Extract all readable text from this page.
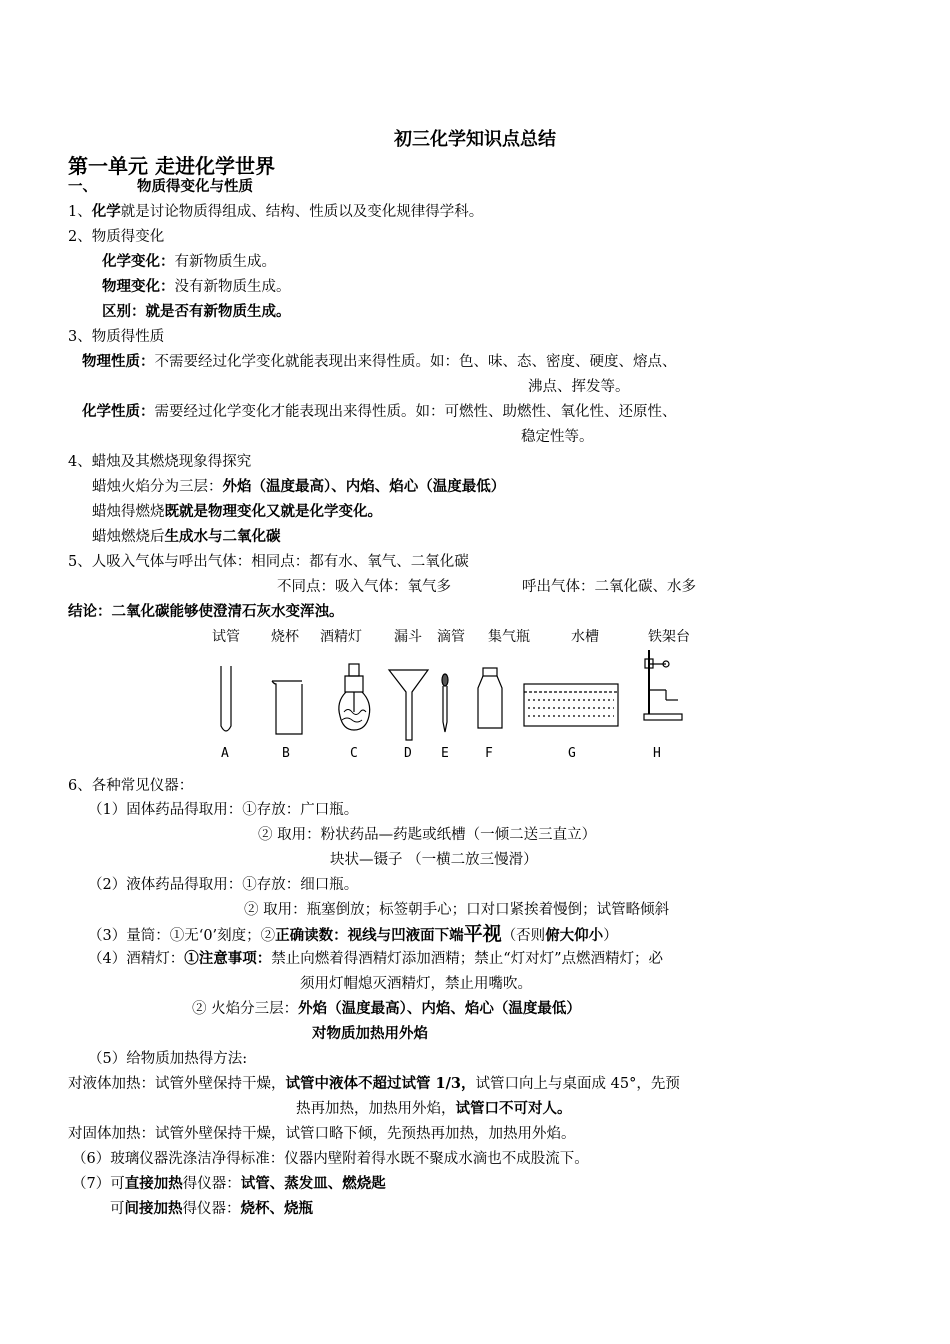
初三化学知识点总结
第一单元 走进化学世界
一、	物质得变化与性质
1、化学就是讨论物质得组成、结构、性质以及变化规律得学科。
2、物质得变化
化学变化：有新物质生成。
物理变化：没有新物质生成。
区别：就是否有新物质生成。
3、物质得性质
物理性质：不需要经过化学变化就能表现出来得性质。如：色、味、态、密度、硬度、熔点、
沸点、挥发等。
化学性质：需要经过化学变化才能表现出来得性质。如：可燃性、助燃性、氧化性、还原性、
稳定性等。
4、蜡烛及其燃烧现象得探究
蜡烛火焰分为三层：外焰（温度最高）、内焰、焰心（温度最低）
蜡烛得燃烧既就是物理变化又就是化学变化。
蜡烛燃烧后生成水与二氧化碳
5、人吸入气体与呼出气体：相同点：都有水、氧气、二氧化碳
不同点：吸入气体：氧气多	呼出气体：二氧化碳、水多
结论：二氧化碳能够使澄清石灰水变浑浊。
试管 烧杯 酒精灯 漏斗 滴管 集气瓶	水槽	铁架台
A	B	C	D E	F	G	H
6、各种常见仪器：
（1）固体药品得取用：①存放：广口瓶。
② 取用：粉状药品—药匙或纸槽（一倾二送三直立）
块状—镊子 （一横二放三慢滑）
（2）液体药品得取用：①存放：细口瓶。
② 取用：瓶塞倒放；标签朝手心；口对口紧挨着慢倒；试管略倾斜
（3）量筒：①无‘0’刻度；②正确读数：视线与凹液面下端平视（否则俯大仰小）
（4）酒精灯：①注意事项：禁止向燃着得酒精灯添加酒精；禁止“灯对灯”点燃酒精灯；必
须用灯帽熄灭酒精灯，禁止用嘴吹。
② 火焰分三层：外焰（温度最高）、内焰、焰心（温度最低）
对物质加热用外焰
（5）给物质加热得方法:
对液体加热：试管外壁保持干燥，试管中液体不超过试管 1/3，试管口向上与桌面成 45°，先预
热再加热，加热用外焰，试管口不可对人。
对固体加热：试管外壁保持干燥，试管口略下倾，先预热再加热，加热用外焰。
（6）玻璃仪器洗涤洁净得标准：仪器内壁附着得水既不聚成水滴也不成股流下。
（7）可直接加热得仪器：试管、蒸发皿、燃烧匙
可间接加热得仪器：烧杯、烧瓶
